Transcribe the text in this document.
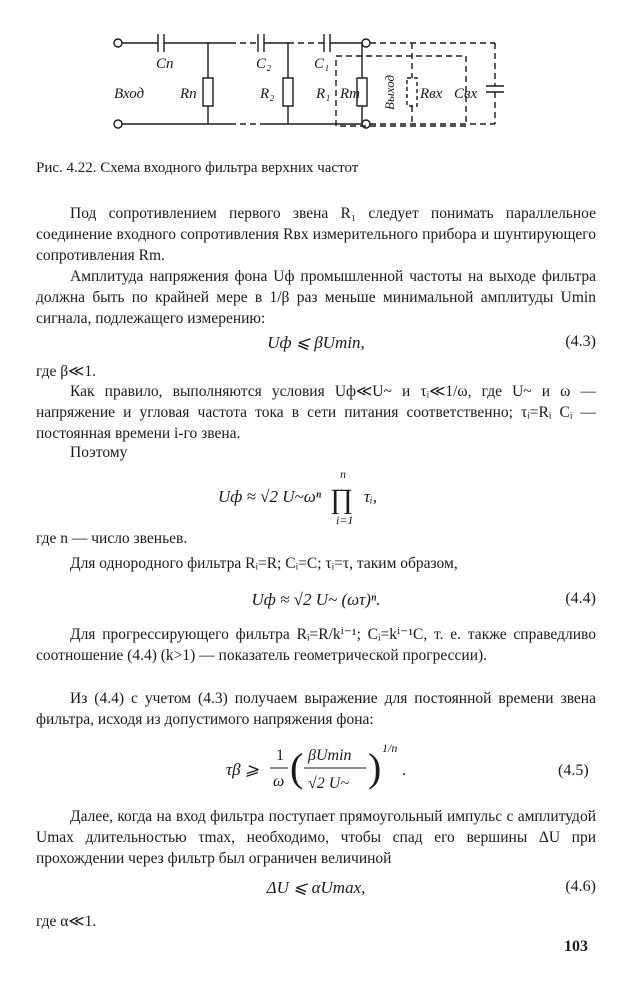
Cп	C₂	C₁
Вход Rп	R₂	R₁ Rm Выход Rвх Cвх
Рис. 4.22. Схема входного фильтра верхних частот

Под сопротивлением первого звена R₁ следует понимать параллельное соединение входного сопротивления Rвх измерительного прибора и шунтирующего сопротивления Rm.

Амплитуда напряжения фона Uф промышленной частоты на выходе фильтра должна быть по крайней мере в 1/β раз меньше минимальной амплитуды Umin сигнала, подлежащего измерению:

Uф ⩽ βUmin,	(4.3)

где β≪1.

Как правило, выполняются условия Uф≪U~ и τᵢ≪1/ω, где U~ и ω — напряжение и угловая частота тока в сети питания соответственно; τᵢ=Rᵢ Cᵢ — постоянная времени i-го звена.

Поэтому

Uф ≈ √2 U~ωⁿ
n
∏
i=1
τᵢ,

где n — число звеньев.

Для однородного фильтра Rᵢ=R; Cᵢ=C; τᵢ=τ, таким образом,

Uф ≈ √2 U~ (ωτ)ⁿ.	(4.4)

Для прогрессирующего фильтра Rᵢ=R/kⁱ⁻¹; Cᵢ=kⁱ⁻¹C, т. е. также справедливо соотношение (4.4) (k>1) — показатель геометрической прогрессии).

Из (4.4) с учетом (4.3) получаем выражение для постоянной времени звена фильтра, исходя из допустимого напряжения фона:

τβ ⩾
1
ω ( βUmin
√2 U~ ) 1/n
.	(4.5)

Далее, когда на вход фильтра поступает прямоугольный импульс с амплитудой Umax длительностью τmax, необходимо, чтобы спад его вершины ΔU при прохождении через фильтр был ограничен величиной

ΔU ⩽ αUmax,	(4.6)

где α≪1.

103
